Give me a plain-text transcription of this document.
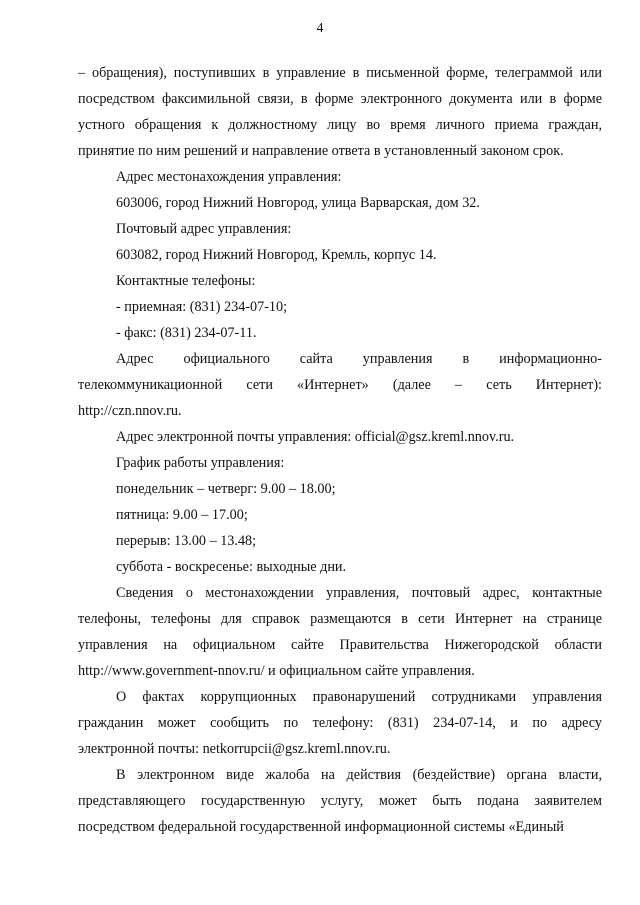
4
– обращения), поступивших в управление в письменной форме, телеграммой или
посредством факсимильной связи, в форме электронного документа или в форме
устного обращения к должностному лицу во время личного приема граждан,
принятие по ним решений и направление ответа в установленный законом срок.
Адрес местонахождения управления:
603006, город Нижний Новгород, улица Варварская, дом 32.
Почтовый адрес управления:
603082, город Нижний Новгород, Кремль, корпус 14.
Контактные телефоны:
- приемная: (831) 234-07-10;
- факс: (831) 234-07-11.
Адрес официального сайта управления в информационно-
телекоммуникационной сети «Интернет» (далее – сеть Интернет):
http://czn.nnov.ru.
Адрес электронной почты управления: official@gsz.kreml.nnov.ru.
График работы управления:
понедельник – четверг: 9.00 – 18.00;
пятница: 9.00 – 17.00;
перерыв: 13.00 – 13.48;
суббота - воскресенье: выходные дни.
Сведения о местонахождении управления, почтовый адрес, контактные
телефоны, телефоны для справок размещаются в сети Интернет на странице
управления на официальном сайте Правительства Нижегородской области
http://www.government-nnov.ru/ и официальном сайте управления.
О фактах коррупционных правонарушений сотрудниками управления
гражданин может сообщить по телефону: (831) 234-07-14, и по адресу
электронной почты: netkorrupcii@gsz.kreml.nnov.ru.
В электронном виде жалоба на действия (бездействие) органа власти,
представляющего государственную услугу, может быть подана заявителем
посредством федеральной государственной информационной системы «Единый
